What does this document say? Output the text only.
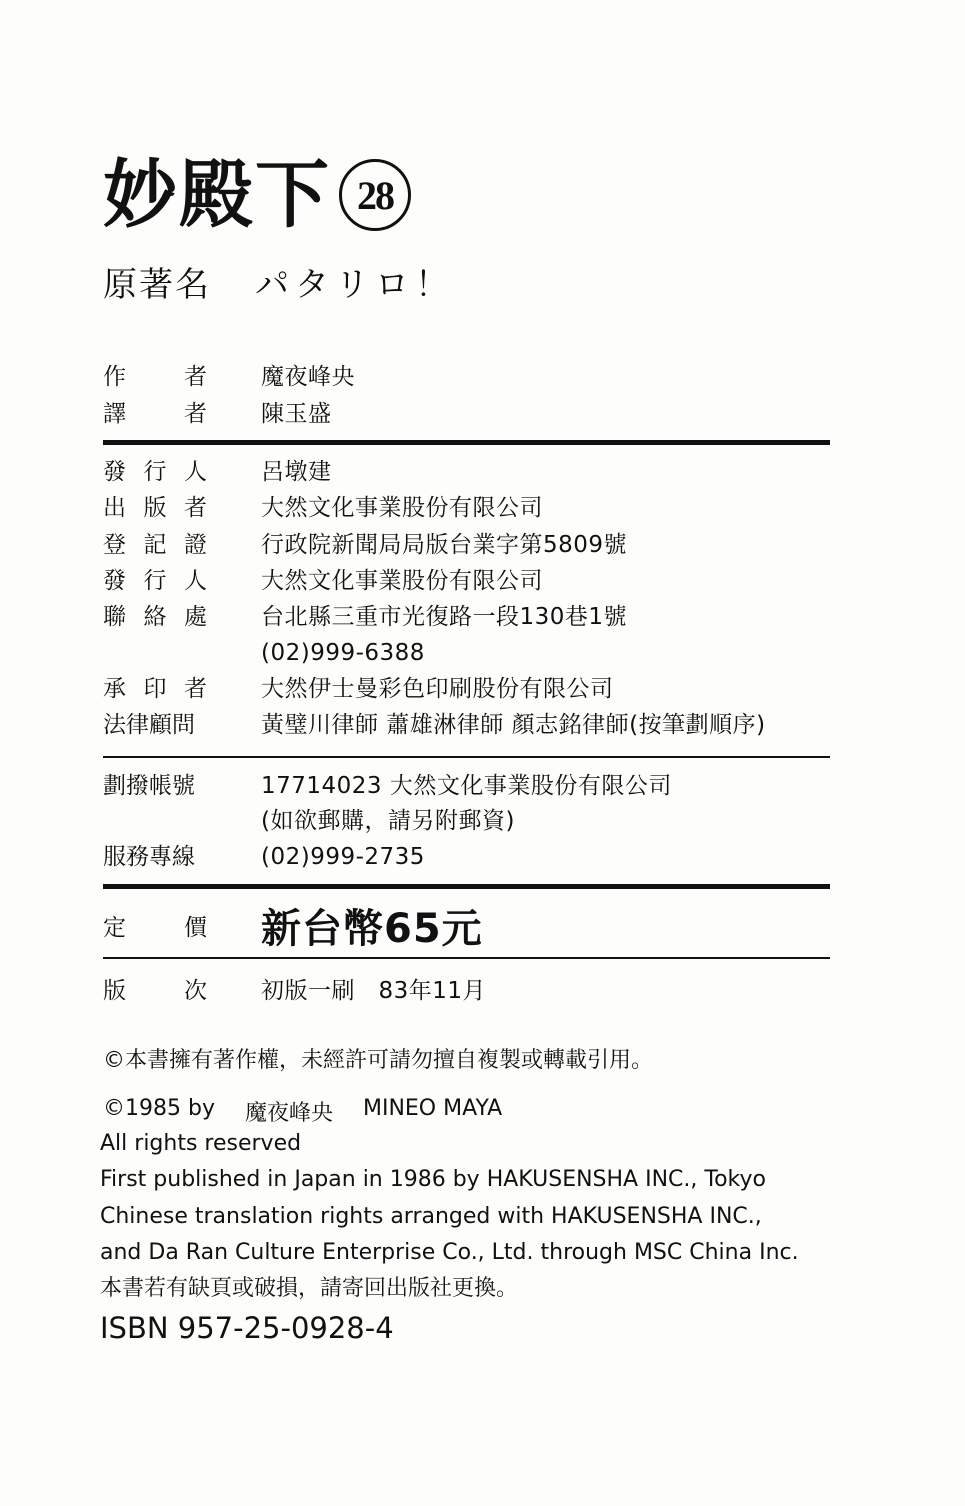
妙殿下 28
原著名 パタリロ！
作	者 魔夜峰央
譯	者 陳玉盛
發 行 人 呂墩建
出 版 者 大然文化事業股份有限公司
登 記 證 行政院新聞局局版台業字第5809號
發 行 人 大然文化事業股份有限公司
聯 絡 處 台北縣三重市光復路一段130巷1號
(02)999-6388
承 印 者 大然伊士曼彩色印刷股份有限公司
法律顧問	黃璧川律師 蕭雄淋律師 顏志銘律師(按筆劃順序)
劃撥帳號	17714023 大然文化事業股份有限公司
(如欲郵購，請另附郵資)
服務專線	(02)999-2735
定	價 新台幣65元
版	次 初版一刷　83年11月
©本書擁有著作權，未經許可請勿擅自複製或轉載引用。
©1985 by 魔夜峰央 MINEO MAYA
All rights reserved
First published in Japan in 1986 by HAKUSENSHA INC., Tokyo
Chinese translation rights arranged with HAKUSENSHA INC.,
and Da Ran Culture Enterprise Co., Ltd. through MSC China Inc.
本書若有缺頁或破損，請寄回出版社更換。
ISBN 957-25-0928-4
